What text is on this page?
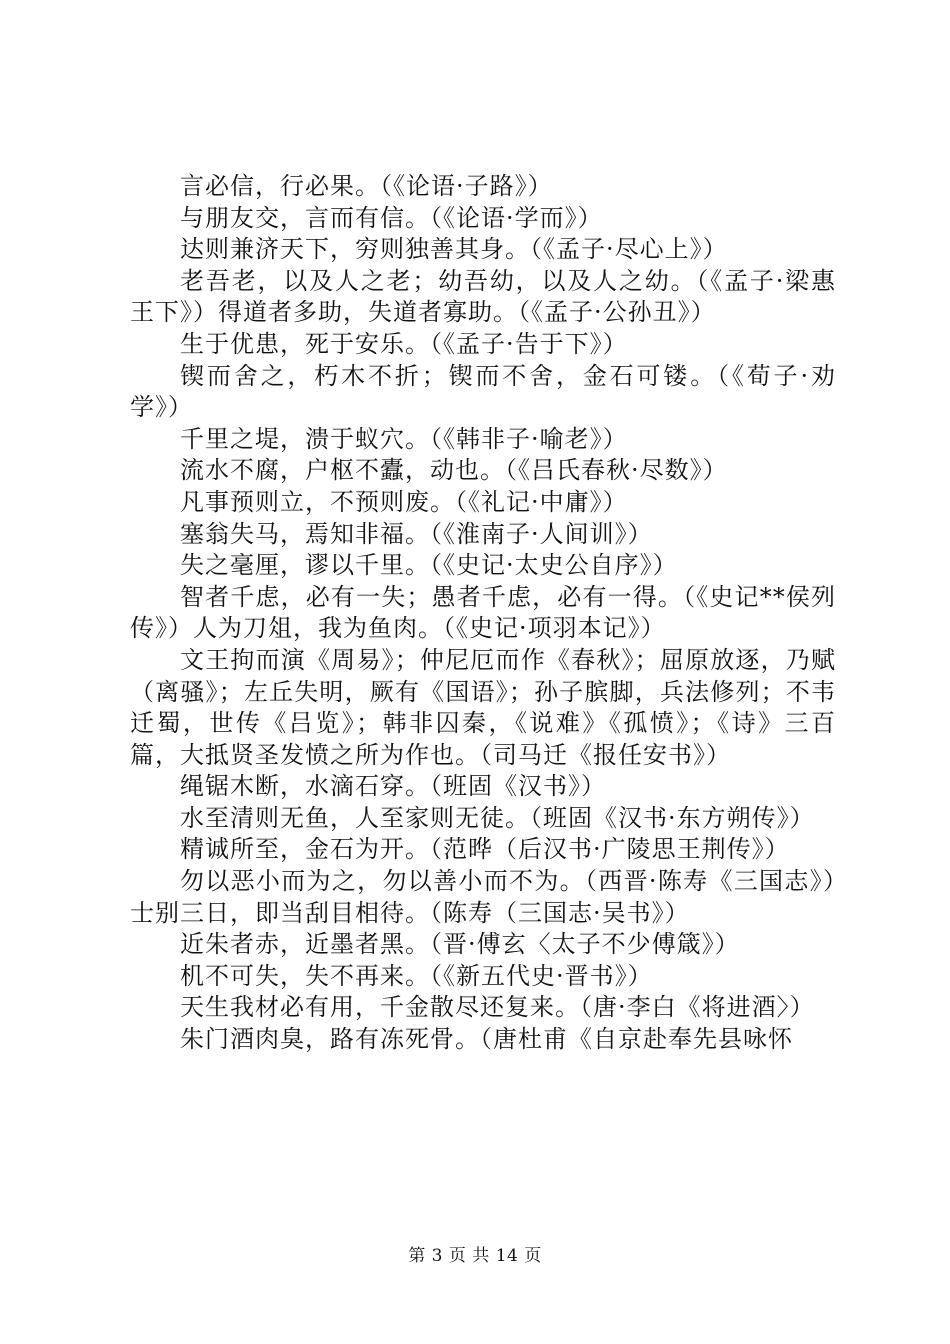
言必信，行必果。（《论语·子路》）

与朋友交，言而有信。（《论语·学而》）

达则兼济天下，穷则独善其身。（《孟子·尽心上》）

老吾老，以及人之老；幼吾幼，以及人之幼。（《孟子·梁惠王下》）得道者多助，失道者寡助。（《孟子·公孙丑》）

生于优患，死于安乐。（《孟子·告于下》）

锲而舍之，朽木不折；锲而不舍，金石可镂。（《荀子·劝学》）

千里之堤，溃于蚁穴。（《韩非子·喻老》）

流水不腐，户枢不蠹，动也。（《吕氏春秋·尽数》）

凡事预则立，不预则废。（《礼记·中庸》）

塞翁失马，焉知非福。（《淮南子·人间训》）

失之毫厘，谬以千里。（《史记·太史公自序》）

智者千虑，必有一失；愚者千虑，必有一得。（《史记**侯列传》）人为刀俎，我为鱼肉。（《史记·项羽本记》）

文王拘而演《周易》；仲尼厄而作《春秋》；屈原放逐，乃赋（离骚》；左丘失明，厥有《国语》；孙子膑脚，兵法修列；不韦迁蜀，世传《吕览》；韩非囚秦，《说难》《孤愤》；《诗》三百篇，大抵贤圣发愤之所为作也。（司马迁《报任安书》）

绳锯木断，水滴石穿。（班固《汉书》）

水至清则无鱼，人至家则无徒。（班固《汉书·东方朔传》）

精诚所至，金石为开。（范晔（后汉书·广陵思王荆传》）

勿以恶小而为之，勿以善小而不为。（西晋·陈寿《三国志》）士别三日，即当刮目相待。（陈寿（三国志·吴书》）

近朱者赤，近墨者黑。（晋·傅玄〈太子不少傅箴》）

机不可失，失不再来。（《新五代史·晋书》）

天生我材必有用，千金散尽还复来。（唐·李白《将进酒〉）

朱门酒肉臭，路有冻死骨。（唐杜甫《自京赴奉先县咏怀

第 3 页 共 14 页
